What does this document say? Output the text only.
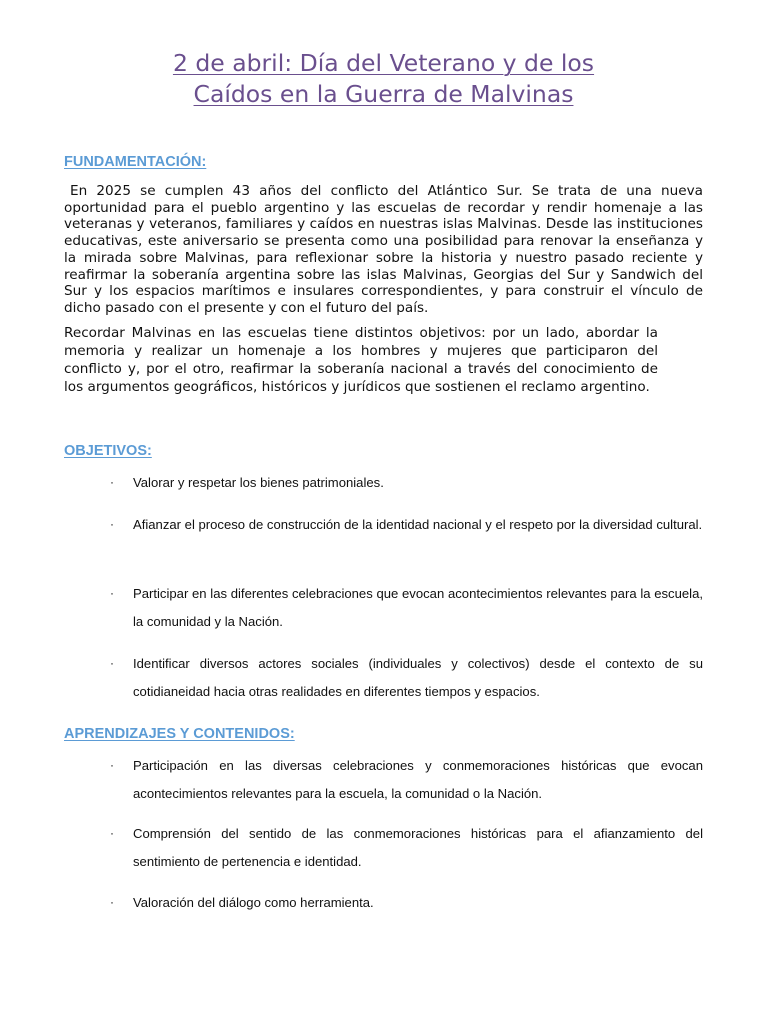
2 de abril: Día del Veterano y de los
Caídos en la Guerra de Malvinas
FUNDAMENTACIÓN:

En 2025 se cumplen 43 años del conflicto del Atlántico Sur. Se trata de una nueva oportunidad para el pueblo argentino y las escuelas de recordar y rendir homenaje a las veteranas y veteranos, familiares y caídos en nuestras islas Malvinas. Desde las instituciones educativas, este aniversario se presenta como una posibilidad para renovar la enseñanza y la mirada sobre Malvinas, para reflexionar sobre la historia y nuestro pasado reciente y reafirmar la soberanía argentina sobre las islas Malvinas, Georgias del Sur y Sandwich del Sur y los espacios marítimos e insulares correspondientes, y para construir el vínculo de dicho pasado con el presente y con el futuro del país.

Recordar Malvinas en las escuelas tiene distintos objetivos: por un lado, abordar la memoria y realizar un homenaje a los hombres y mujeres que participaron del conflicto y, por el otro, reafirmar la soberanía nacional a través del conocimiento de los argumentos geográficos, históricos y jurídicos que sostienen el reclamo argentino.

OBJETIVOS:
· Valorar y respetar los bienes patrimoniales.
· Afianzar el proceso de construcción de la identidad nacional y el respeto por la diversidad cultural.
· Participar en las diferentes celebraciones que evocan acontecimientos relevantes para la escuela, la comunidad y la Nación.
· Identificar diversos actores sociales (individuales y colectivos) desde el contexto de su cotidianeidad hacia otras realidades en diferentes tiempos y espacios.
APRENDIZAJES Y CONTENIDOS:
· Participación en las diversas celebraciones y conmemoraciones históricas que evocan acontecimientos relevantes para la escuela, la comunidad o la Nación.
· Comprensión del sentido de las conmemoraciones históricas para el afianzamiento del sentimiento de pertenencia e identidad.
· Valoración del diálogo como herramienta.
